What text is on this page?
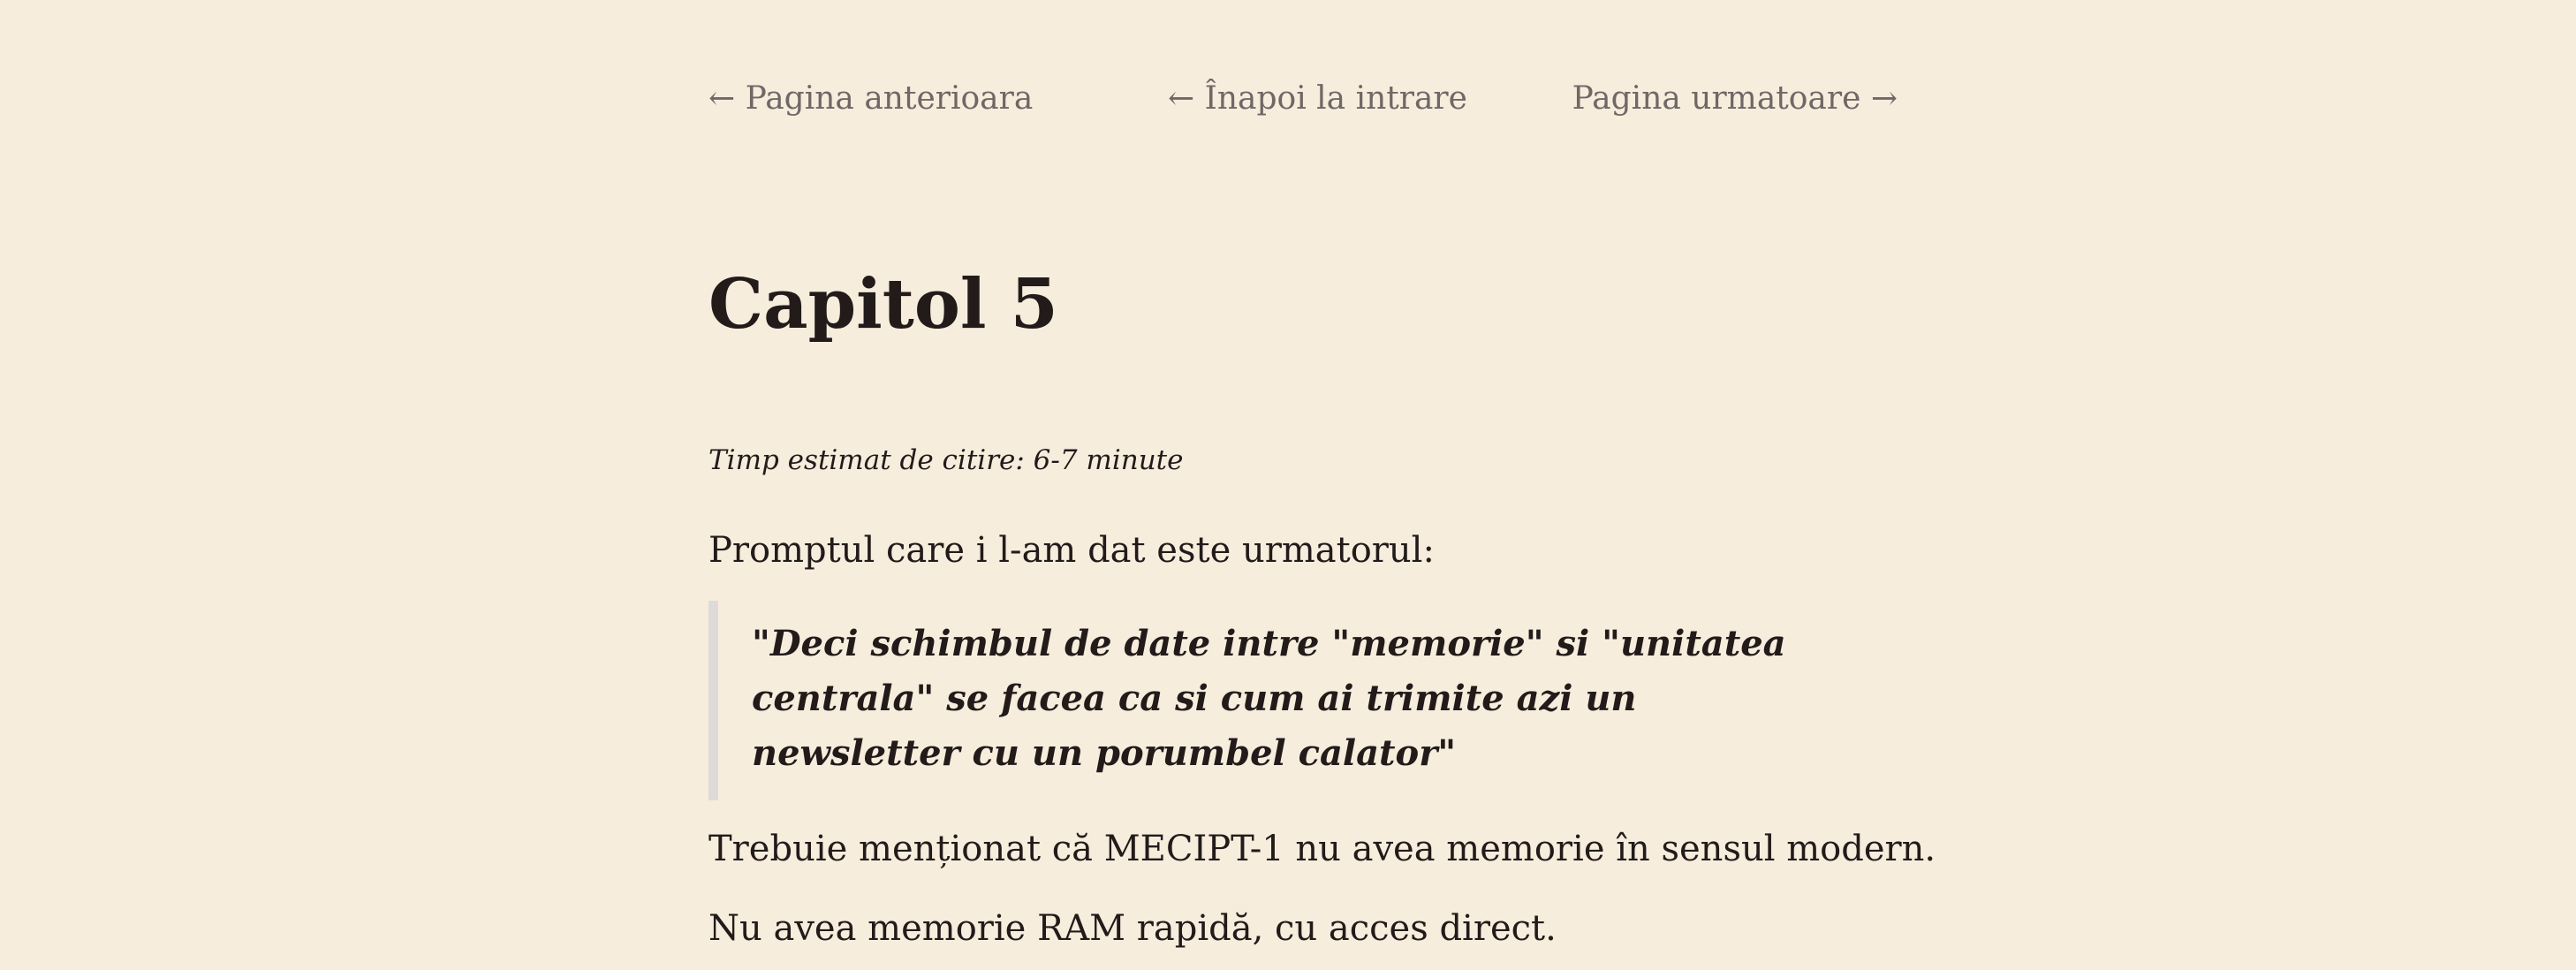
← Pagina anterioara	← Înapoi la intrare	Pagina urmatoare →
Capitol 5

Timp estimat de citire: 6-7 minute

Promptul care i l-am dat este urmatorul:

"Deci schimbul de date intre "memorie" si "unitatea centrala" se facea ca si cum ai trimite azi un newsletter cu un porumbel calator"

Trebuie menționat că MECIPT-1 nu avea memorie în sensul modern.

Nu avea memorie RAM rapidă, cu acces direct.
